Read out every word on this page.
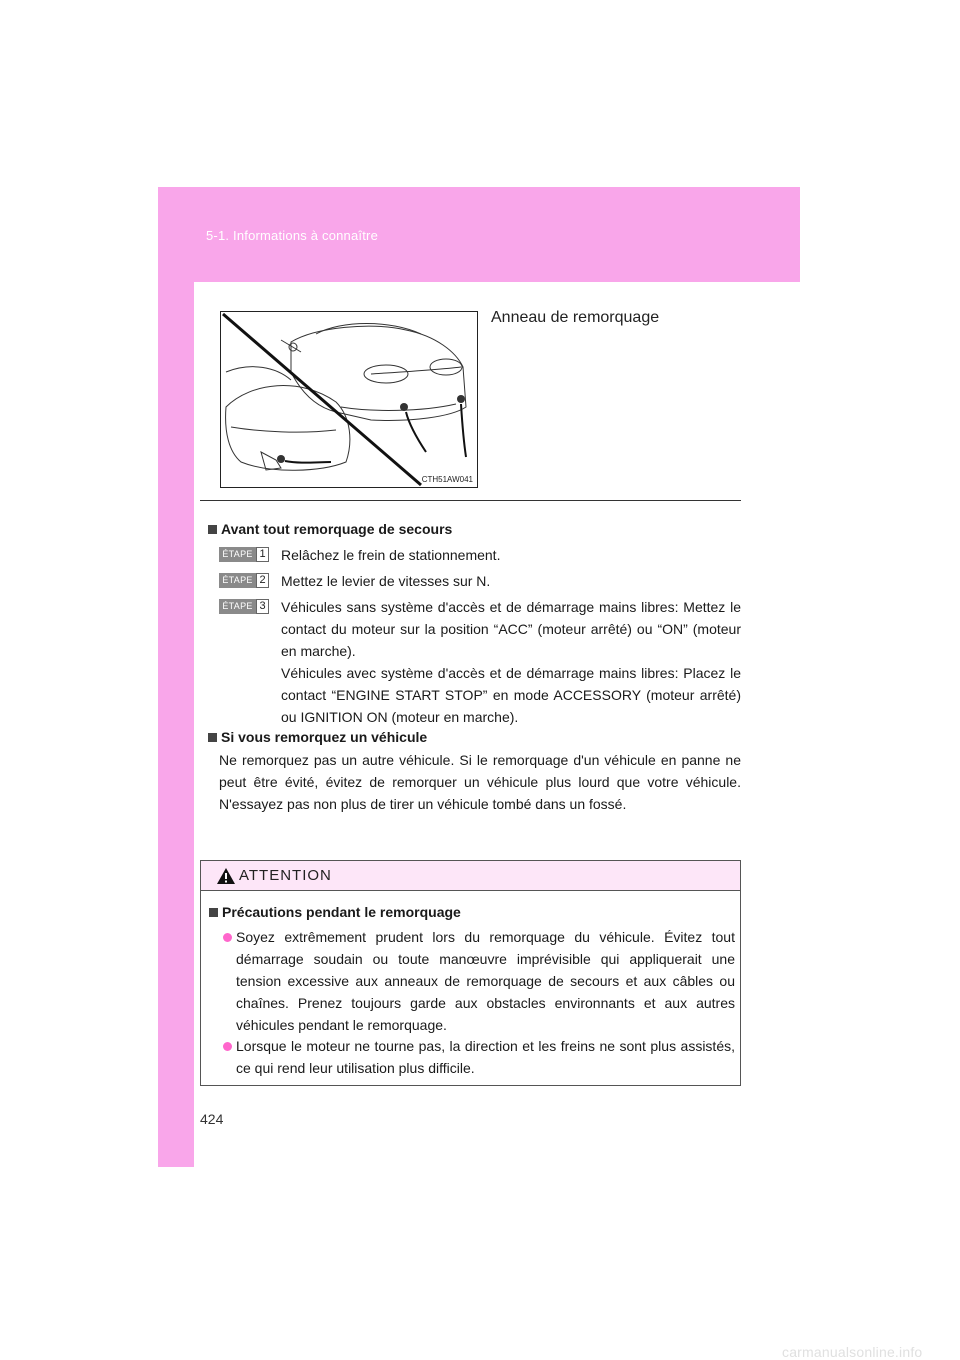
5-1. Informations à connaître
CTH51AW041
Anneau de remorquage
Avant tout remorquage de secours
ÉTAPE 1 Relâchez le frein de stationnement.
ÉTAPE 2 Mettez le levier de vitesses sur N.
ÉTAPE 3 Véhicules sans système d'accès et de démarrage mains libres: Mettez le contact du moteur sur la position “ACC” (moteur arrêté) ou “ON” (moteur en marche).
Véhicules avec système d'accès et de démarrage mains libres: Placez le contact “ENGINE START STOP” en mode ACCESSORY (moteur arrêté) ou IGNITION ON (moteur en marche).
Si vous remorquez un véhicule
Ne remorquez pas un autre véhicule. Si le remorquage d'un véhicule en panne ne peut être évité, évitez de remorquer un véhicule plus lourd que votre véhicule. N'essayez pas non plus de tirer un véhicule tombé dans un fossé.
ATTENTION
Précautions pendant le remorquage
Soyez extrêmement prudent lors du remorquage du véhicule. Évitez tout démarrage soudain ou toute manœuvre imprévisible qui appliquerait une tension excessive aux anneaux de remorquage de secours et aux câbles ou chaînes. Prenez toujours garde aux obstacles environnants et aux autres véhicules pendant le remorquage.
Lorsque le moteur ne tourne pas, la direction et les freins ne sont plus assistés, ce qui rend leur utilisation plus difficile.
424
carmanualsonline.info
